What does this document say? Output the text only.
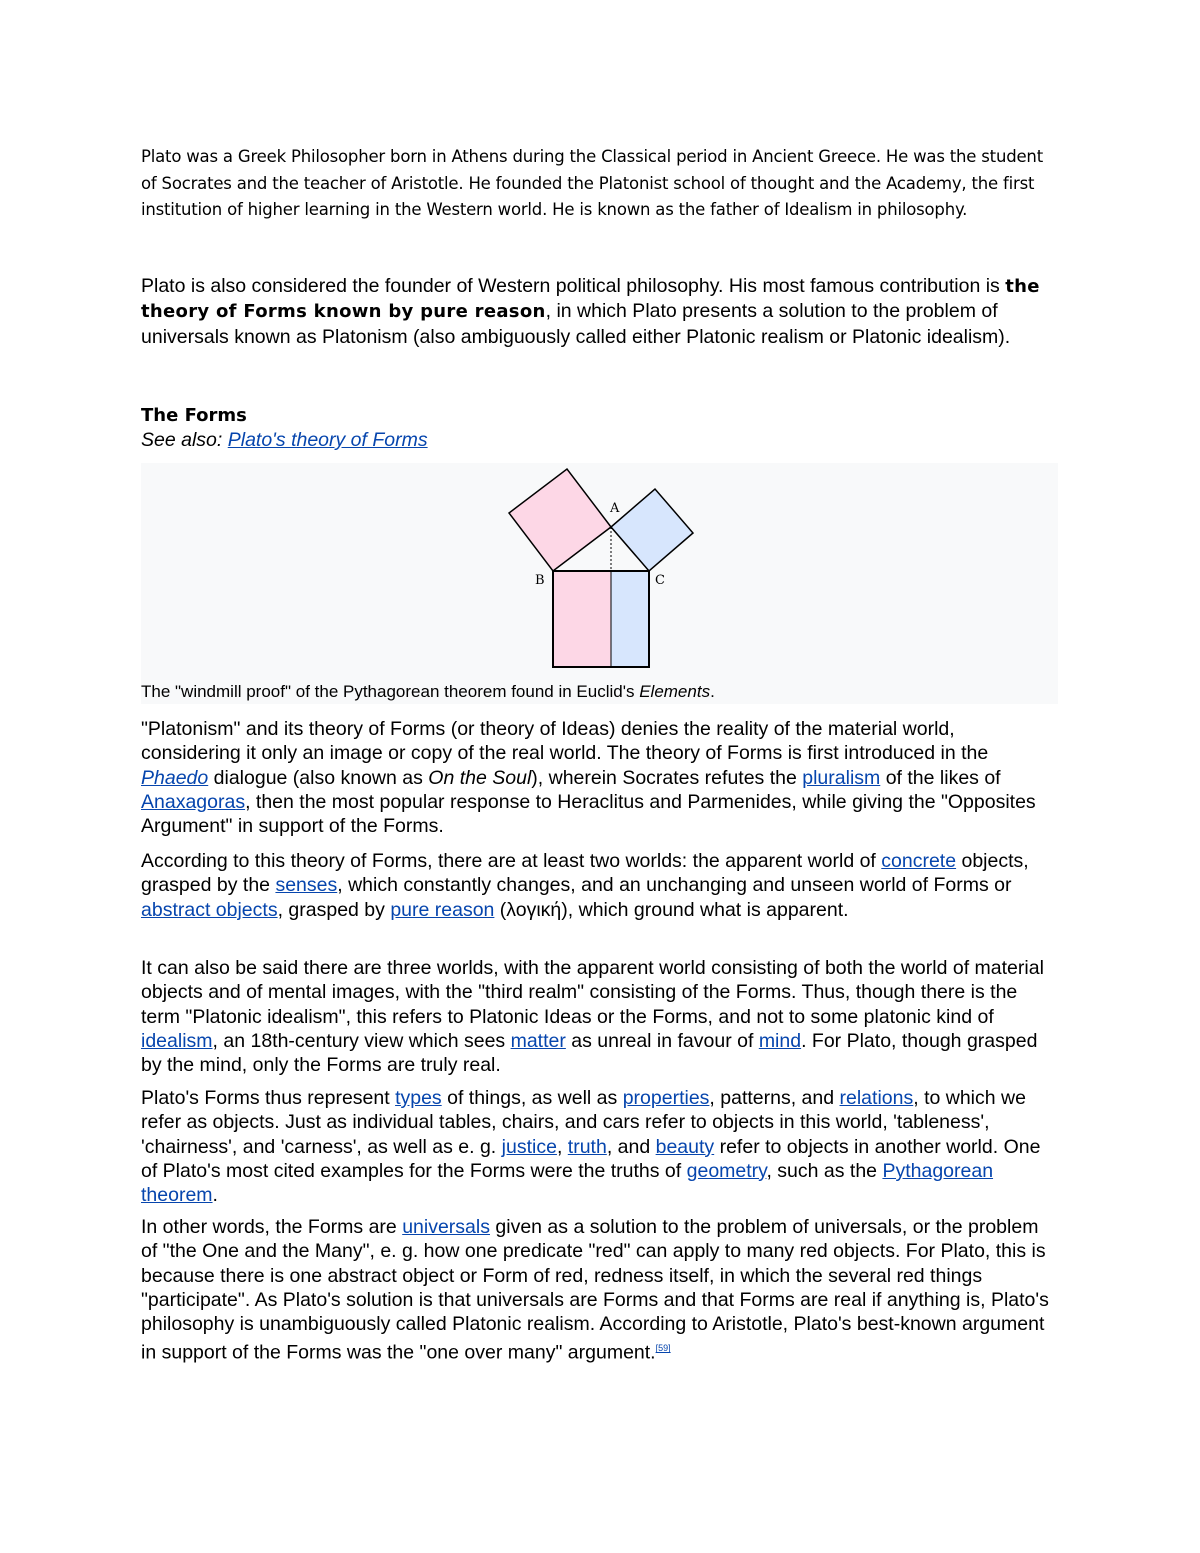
Plato was a Greek Philosopher born in Athens during the Classical period in Ancient Greece. He was the student of Socrates and the teacher of Aristotle. He founded the Platonist school of thought and the Academy, the first institution of higher learning in the Western world. He is known as the father of Idealism in philosophy.

Plato is also considered the founder of Western political philosophy. His most famous contribution is the theory of Forms known by pure reason, in which Plato presents a solution to the problem of universals known as Platonism (also ambiguously called either Platonic realism or Platonic idealism).

The Forms

See also: Plato's theory of Forms

A
B	C
The "windmill proof" of the Pythagorean theorem found in Euclid's Elements.

"Platonism" and its theory of Forms (or theory of Ideas) denies the reality of the material world, considering it only an image or copy of the real world. The theory of Forms is first introduced in the Phaedo dialogue (also known as On the Soul), wherein Socrates refutes the pluralism of the likes of Anaxagoras, then the most popular response to Heraclitus and Parmenides, while giving the "Opposites Argument" in support of the Forms.

According to this theory of Forms, there are at least two worlds: the apparent world of concrete objects, grasped by the senses, which constantly changes, and an unchanging and unseen world of Forms or abstract objects, grasped by pure reason (λογική), which ground what is apparent.

It can also be said there are three worlds, with the apparent world consisting of both the world of material objects and of mental images, with the "third realm" consisting of the Forms. Thus, though there is the term "Platonic idealism", this refers to Platonic Ideas or the Forms, and not to some platonic kind of idealism, an 18th-century view which sees matter as unreal in favour of mind. For Plato, though grasped by the mind, only the Forms are truly real.

Plato's Forms thus represent types of things, as well as properties, patterns, and relations, to which we refer as objects. Just as individual tables, chairs, and cars refer to objects in this world, 'tableness', 'chairness', and 'carness', as well as e. g. justice, truth, and beauty refer to objects in another world. One of Plato's most cited examples for the Forms were the truths of geometry, such as the Pythagorean theorem.

In other words, the Forms are universals given as a solution to the problem of universals, or the problem of "the One and the Many", e. g. how one predicate "red" can apply to many red objects. For Plato, this is because there is one abstract object or Form of red, redness itself, in which the several red things "participate". As Plato's solution is that universals are Forms and that Forms are real if anything is, Plato's philosophy is unambiguously called Platonic realism. According to Aristotle, Plato's best-known argument in support of the Forms was the "one over many" argument.[59]
